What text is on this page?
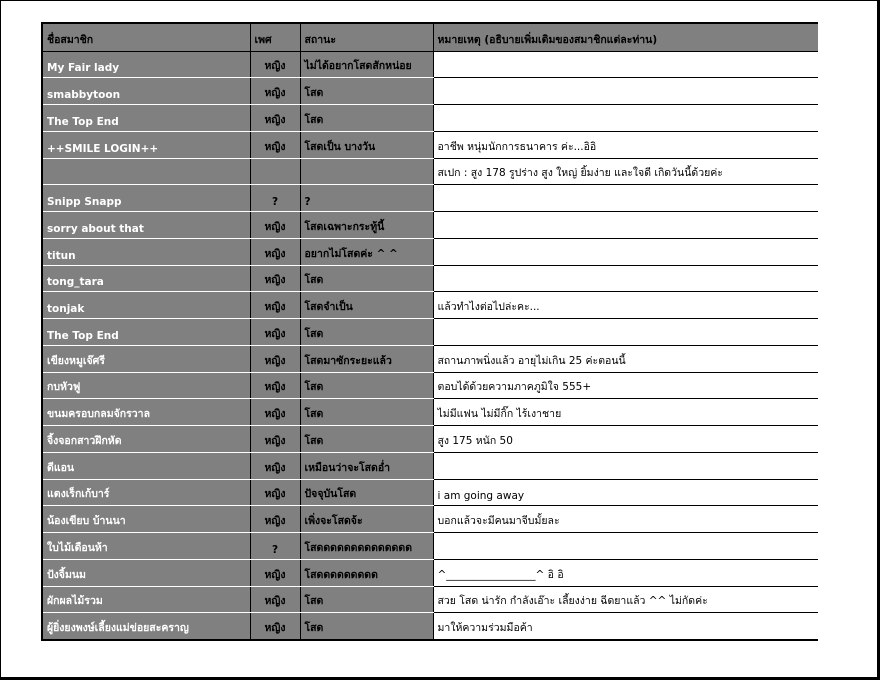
ชื่อสมาชิก	เพศ	สถานะ	หมายเหตุ (อธิบายเพิ่มเติมของสมาชิกแต่ละท่าน)
My Fair lady	หญิง	ไม่ได้อยากโสดสักหน่อย	
smabbytoon	หญิง	โสด	
The Top End	หญิง	โสด	
++SMILE LOGIN++	หญิง	โสดเป็น บางวัน	อาชีพ หนุ่มนักการธนาคาร ค่ะ...อิอิ
			สเปก : สูง 178 รูปร่าง สูง ใหญ่ ยิ้มง่าย และใจดี เกิดวันนี้ด้วยค่ะ
Snipp Snapp	?	?	
sorry about that	หญิง	โสดเฉพาะกระทู้นี้	
titun	หญิง	อยากไม่โสดค่ะ ^ ^	
tong_tara	หญิง	โสด	
tonjak	หญิง	โสดจำเป็น	แล้วทำไงต่อไปล่ะคะ...
The Top End	หญิง	โสด	
เขียงหมูเจ๊ศรี	หญิง	โสดมาซักระยะแล้ว	สถานภาพนิ่งแล้ว อายุไม่เกิน 25 ค่ะตอนนี้
กบหัวฟู	หญิง	โสด	ตอบได้ด้วยความภาคภูมิใจ 555+
ขนมครอบกลมจักรวาล	หญิง	โสด	ไม่มีแฟน ไม่มีกิ๊ก ไร้เงาชาย
จิ้งจอกสาวฝึกหัด	หญิง	โสด	สูง 175 หนัก 50
ดีแอน	หญิง	เหมือนว่าจะโสดอ่ำ	
แตงเร็กเก้บาร์	หญิง	ปัจจุบันโสด	i am going away
น้องเขียบ บ้านนา	หญิง	เพิ่งจะโสดจ้ะ	บอกแล้วจะมีคนมาจีบมั้ยละ
ใบไม้เดือนห้า	?	โสดดดดดดดดดดดดดด	
ปังจิ้มนม	หญิง	โสดดดดดดดดด	^_________________^ อิ อิ
ผักผลไม้รวม	หญิง	โสด	สวย โสด น่ารัก กำลังเอ๊าะ เลี้ยงง่าย ฉีดยาแล้ว ^^ ไม่กัดค่ะ
ผู้ยิ่งยงพงษ์เลี้ยงแม่ข่อยสะคราญ	หญิง	โสด	มาให้ความร่วมมือค้า
